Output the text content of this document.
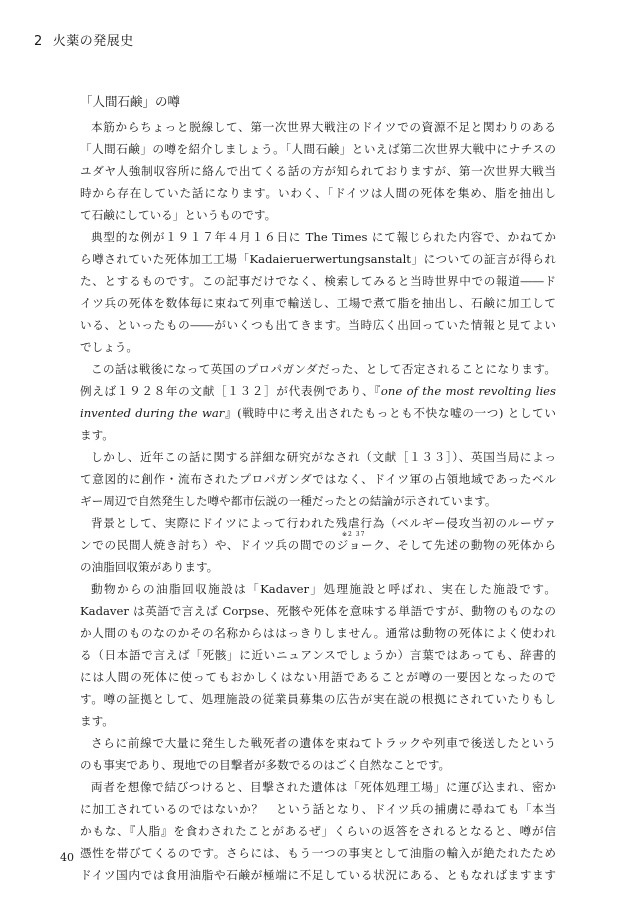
2 火薬の発展史
「人間石鹸」の噂
本筋からちょっと脱線して、第一次世界大戦注のドイツでの資源不足と関わりのある
「人間石鹸」の噂を紹介しましょう。「人間石鹸」といえば第二次世界大戦中にナチスの
ユダヤ人強制収容所に絡んで出てくる話の方が知られておりますが、第一次世界大戦当
時から存在していた話になります。いわく、「ドイツは人間の死体を集め、脂を抽出し
て石鹸にしている」というものです。
典型的な例が１９１７年４月１６日に The Times にて報じられた内容で、かねてか
ら噂されていた死体加工工場「Kadaieruerwertungsanstalt」についての証言が得られ
た、とするものです。この記事だけでなく、検索してみると当時世界中での報道――ド
イツ兵の死体を数体毎に束ねて列車で輸送し、工場で煮て脂を抽出し、石鹸に加工して
いる、といったもの――がいくつも出てきます。当時広く出回っていた情報と見てよい
でしょう。
この話は戦後になって英国のプロパガンダだった、として否定されることになります。
例えば１９２８年の文献［１３２］が代表例であり、『one of the most revolting lies
invented during the war』(戦時中に考え出されたもっとも不快な嘘の一つ) としてい
ます。
しかし、近年この話に関する詳細な研究がなされ（文献［１３３］）、英国当局によっ
て意図的に創作・流布されたプロパガンダではなく、ドイツ軍の占領地域であったベル
ギー周辺で自然発生した噂や都市伝説の一種だったとの結論が示されています。
背景として、実際にドイツによって行われた残虐行為（ベルギー侵攻当初のルーヴァ
※2 37
ンでの民間人焼き討ち）や、ドイツ兵の間でのジョーク、そして先述の動物の死体から
の油脂回収策があります。
動物からの油脂回収施設は「Kadaver」処理施設と呼ばれ、実在した施設です。
Kadaver は英語で言えば Corpse、死骸や死体を意味する単語ですが、動物のものなの
か人間のものなのかその名称からははっきりしません。通常は動物の死体によく使われ
る（日本語で言えば「死骸」に近いニュアンスでしょうか）言葉ではあっても、辞書的
には人間の死体に使ってもおかしくはない用語であることが噂の一要因となったので
す。噂の証拠として、処理施設の従業員募集の広告が実在説の根拠にされていたりもし
ます。
さらに前線で大量に発生した戦死者の遺体を束ねてトラックや列車で後送したという
のも事実であり、現地での目撃者が多数でるのはごく自然なことです。
両者を想像で結びつけると、目撃された遺体は「死体処理工場」に運び込まれ、密か
に加工されているのではないか？　という話となり、ドイツ兵の捕虜に尋ねても「本当
かもな、『人脂』を食わされたことがあるぜ」くらいの返答をされるとなると、噂が信
憑性を帯びてくるのです。さらには、もう一つの事実として油脂の輸入が絶たれたため
ドイツ国内では食用油脂や石鹸が極端に不足している状況にある、ともなればますます
40
